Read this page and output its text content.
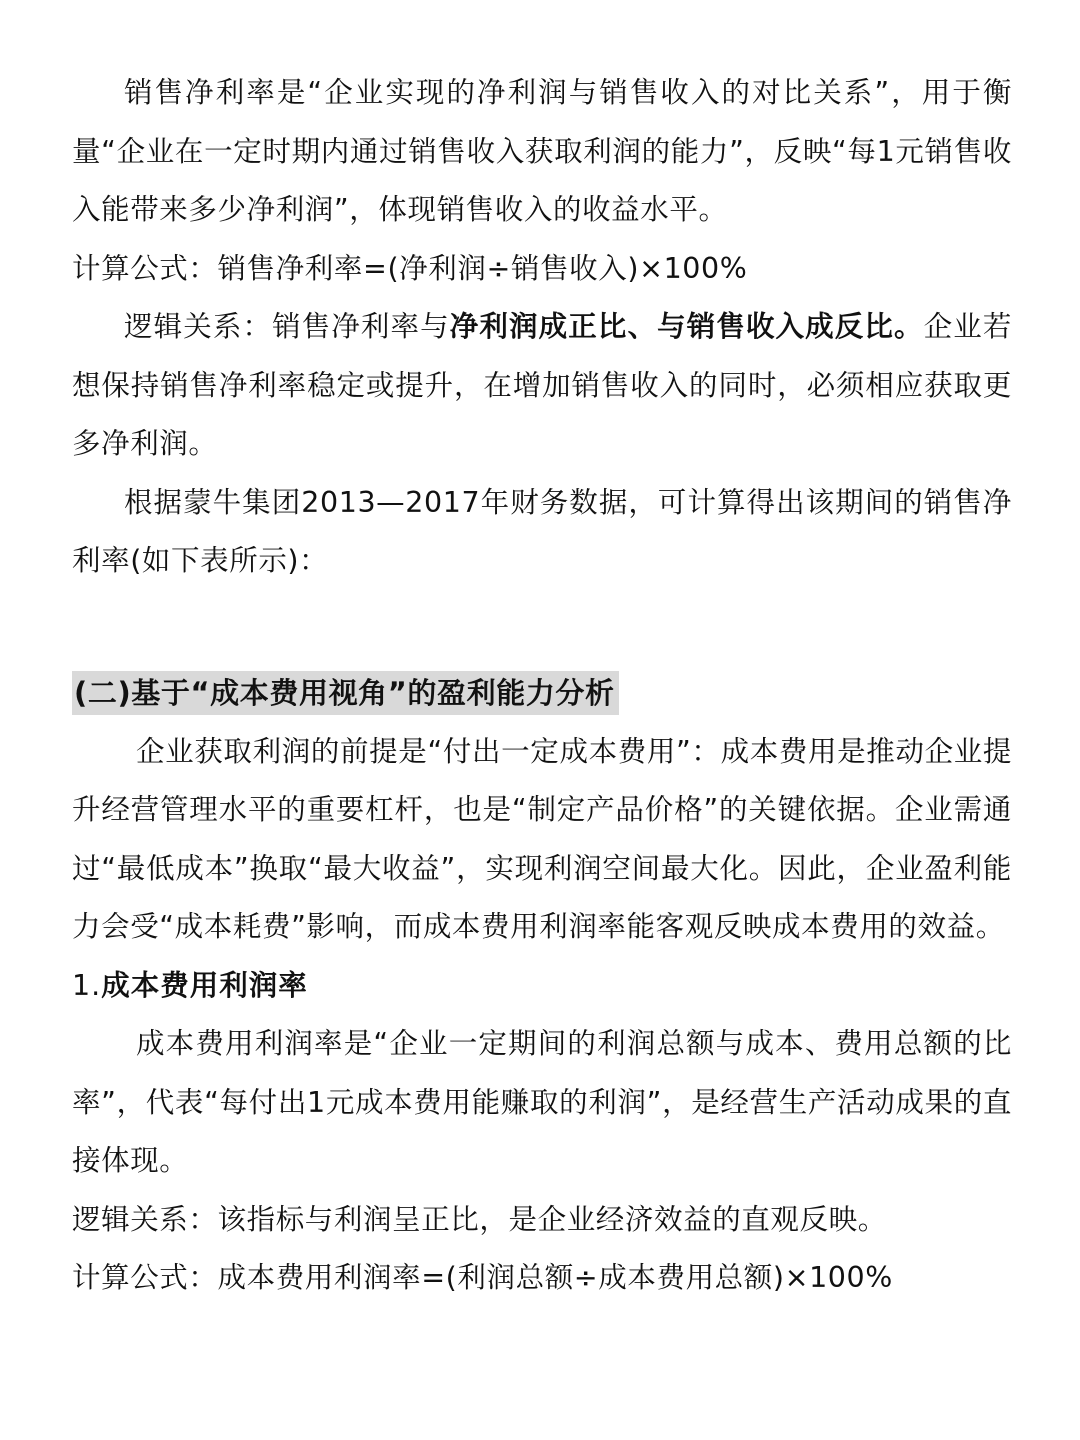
销售净利率是“企业实现的净利润与销售收入的对比关系”，用于衡量“企业在一定时期内通过销售收入获取利润的能力”，反映“每1元销售收入能带来多少净利润”，体现销售收入的收益水平。

计算公式：销售净利率=(净利润÷销售收入)×100%

逻辑关系：销售净利率与净利润成正比、与销售收入成反比。企业若想保持销售净利率稳定或提升，在增加销售收入的同时，必须相应获取更多净利润。

根据蒙牛集团2013—2017年财务数据，可计算得出该期间的销售净利率(如下表所示)：

(二)基于“成本费用视角”的盈利能力分析

企业获取利润的前提是“付出一定成本费用”：成本费用是推动企业提升经营管理水平的重要杠杆，也是“制定产品价格”的关键依据。企业需通过“最低成本”换取“最大收益”，实现利润空间最大化。因此，企业盈利能力会受“成本耗费”影响，而成本费用利润率能客观反映成本费用的效益。

1.成本费用利润率

成本费用利润率是“企业一定期间的利润总额与成本、费用总额的比率”，代表“每付出1元成本费用能赚取的利润”，是经营生产活动成果的直接体现。

逻辑关系：该指标与利润呈正比，是企业经济效益的直观反映。

计算公式：成本费用利润率=(利润总额÷成本费用总额)×100%
